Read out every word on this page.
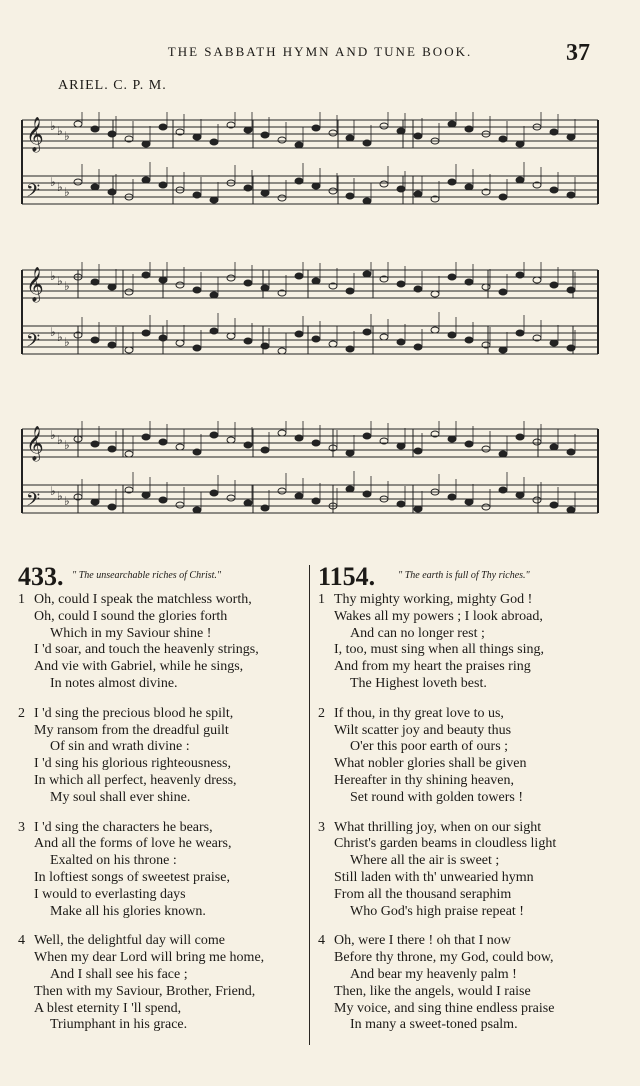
THE SABBATH HYMN AND TUNE BOOK.	37
ARIEL. C. P. M.
𝄞 ♭ ♭ ♭
𝄢 ♭ ♭ ♭
𝄞 ♭ ♭ ♭
𝄢 ♭ ♭ ♭
𝄞 ♭ ♭ ♭
𝄢 ♭ ♭ ♭
433. " The unsearchable riches of Christ."
1 Oh, could I speak the matchless worth,
Oh, could I sound the glories forth
Which in my Saviour shine !
I 'd soar, and touch the heavenly strings,
And vie with Gabriel, while he sings,
In notes almost divine.
2 I 'd sing the precious blood he spilt,
My ransom from the dreadful guilt
Of sin and wrath divine :
I 'd sing his glorious righteousness,
In which all perfect, heavenly dress,
My soul shall ever shine.
3 I 'd sing the characters he bears,
And all the forms of love he wears,
Exalted on his throne :
In loftiest songs of sweetest praise,
I would to everlasting days
Make all his glories known.
4 Well, the delightful day will come
When my dear Lord will bring me home,
And I shall see his face ;
Then with my Saviour, Brother, Friend,
A blest eternity I 'll spend,
Triumphant in his grace.
1154. " The earth is full of Thy riches."
1 Thy mighty working, mighty God !
Wakes all my powers ; I look abroad,
And can no longer rest ;
I, too, must sing when all things sing,
And from my heart the praises ring
The Highest loveth best.
2 If thou, in thy great love to us,
Wilt scatter joy and beauty thus
O'er this poor earth of ours ;
What nobler glories shall be given
Hereafter in thy shining heaven,
Set round with golden towers !
3 What thrilling joy, when on our sight
Christ's garden beams in cloudless light
Where all the air is sweet ;
Still laden with th' unwearied hymn
From all the thousand seraphim
Who God's high praise repeat !
4 Oh, were I there ! oh that I now
Before thy throne, my God, could bow,
And bear my heavenly palm !
Then, like the angels, would I raise
My voice, and sing thine endless praise
In many a sweet-toned psalm.
